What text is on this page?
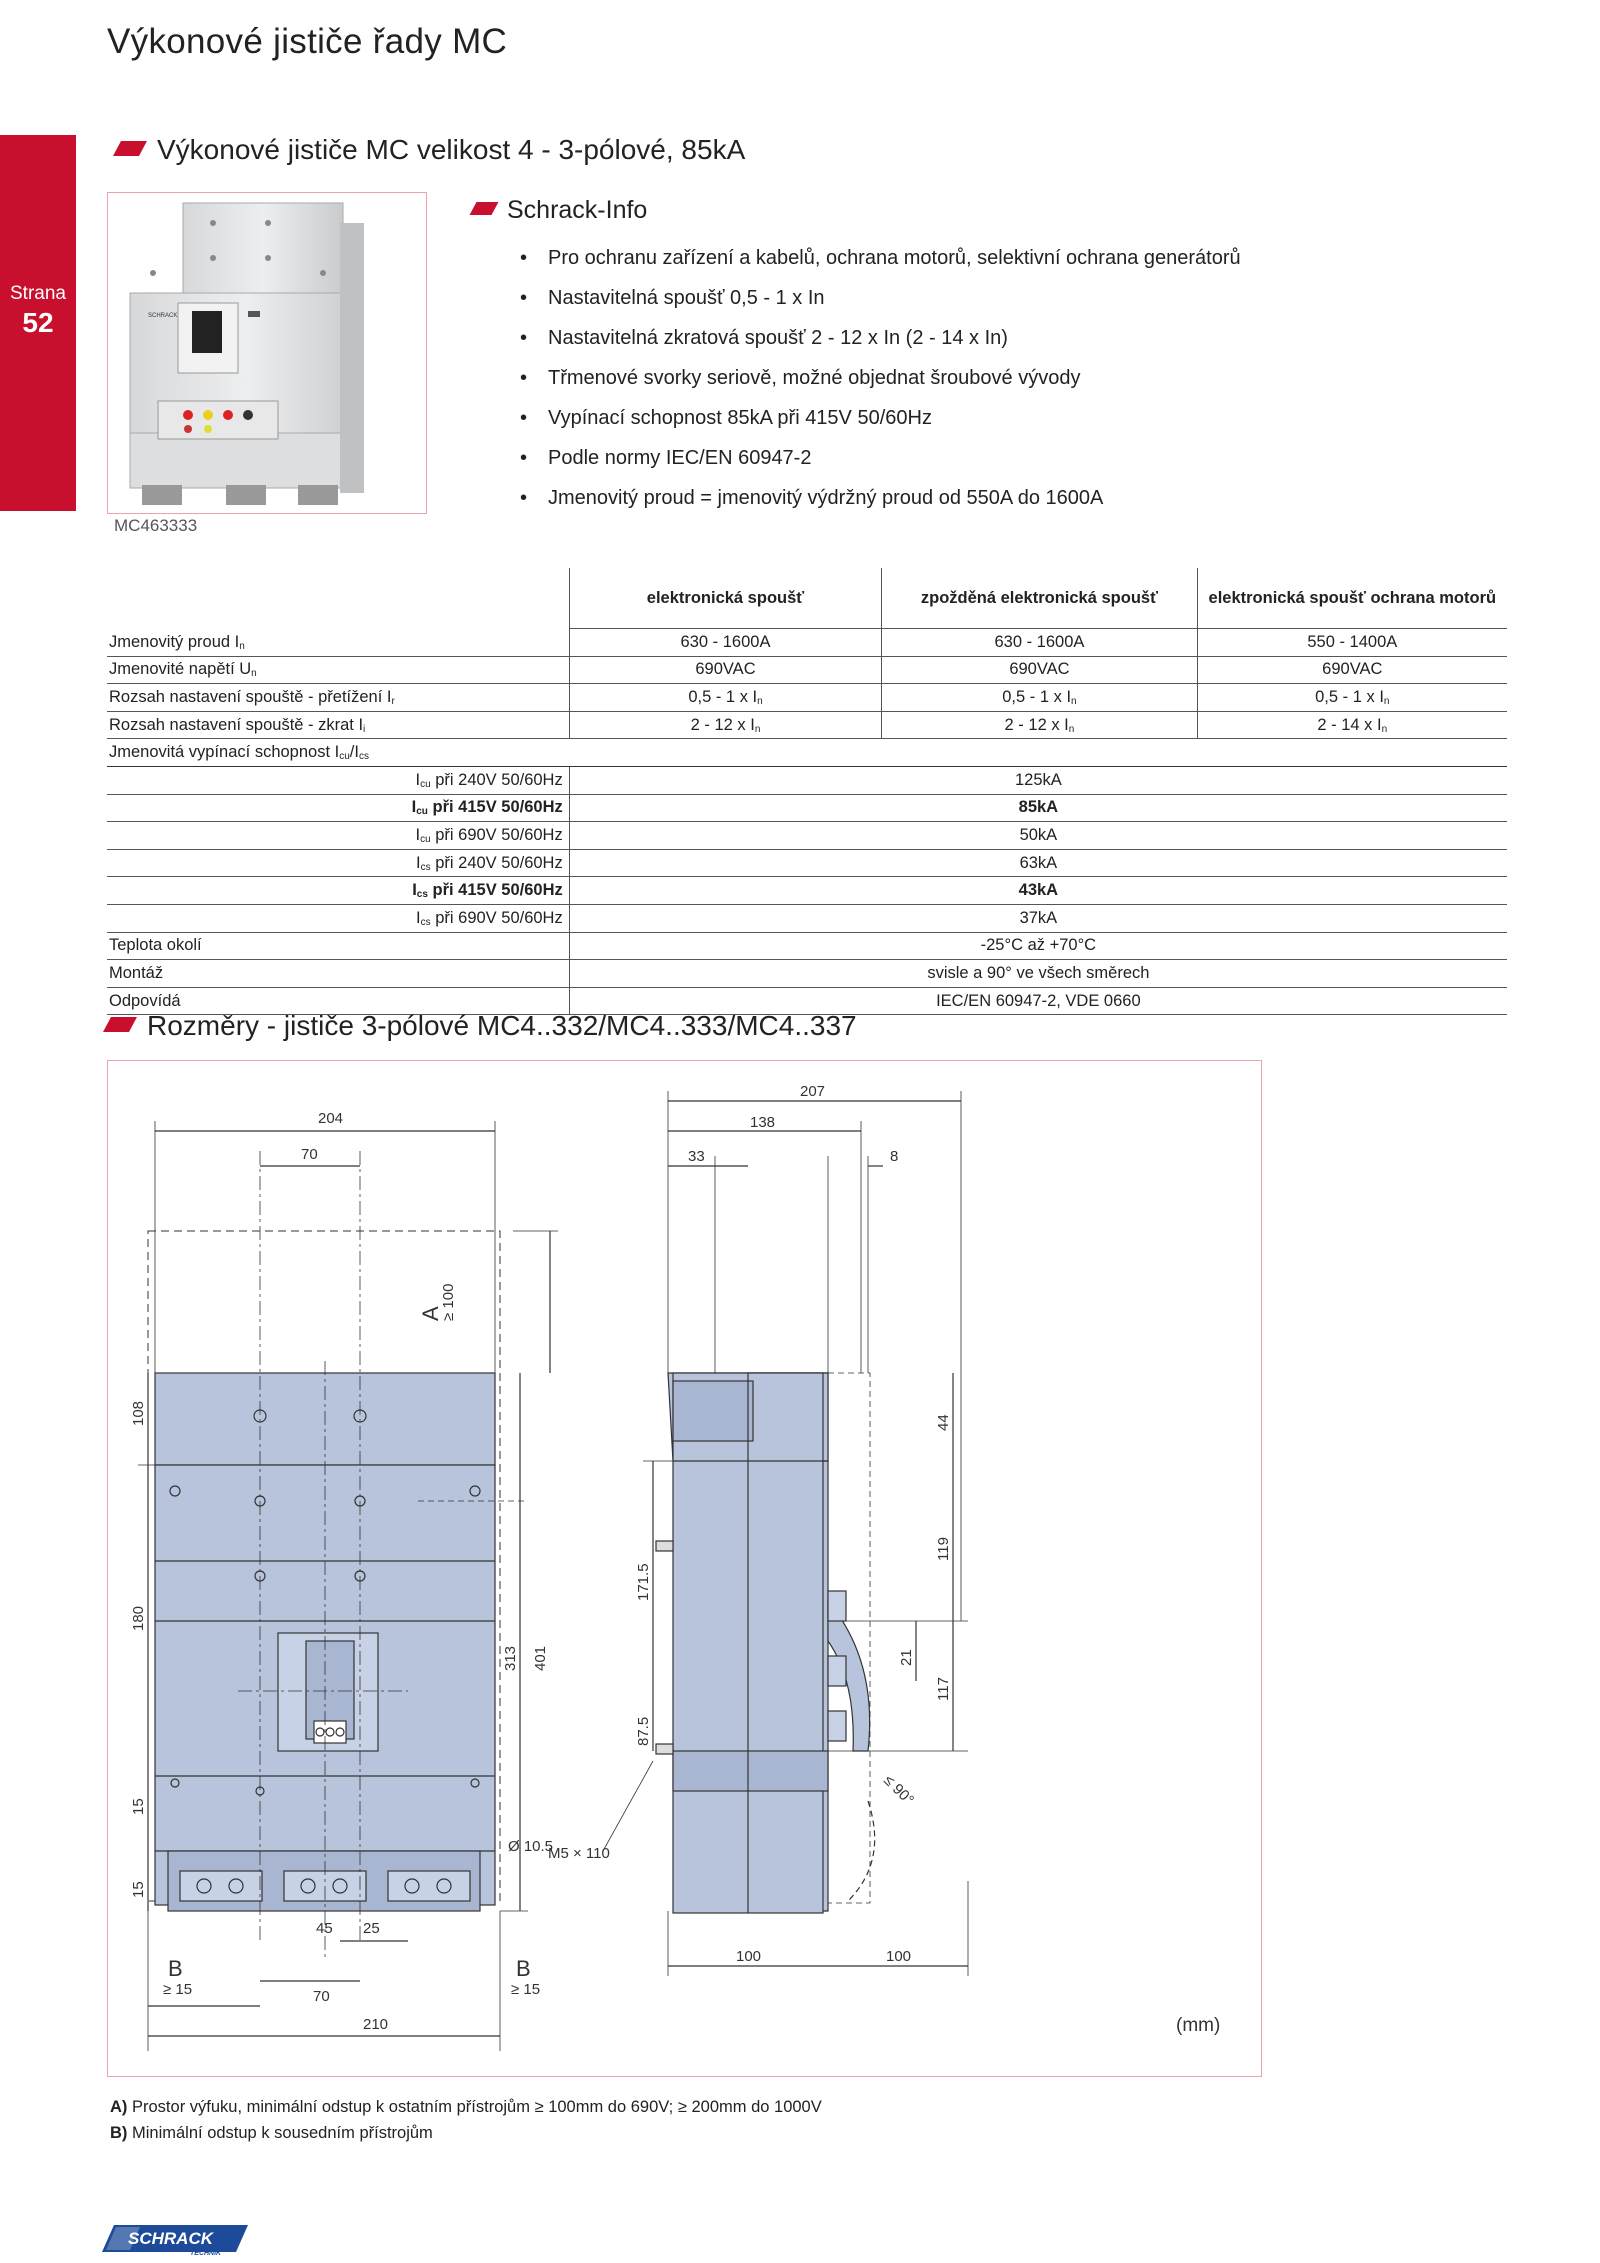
Výkonové jističe řady MC
Strana
52
Výkonové jističe MC velikost 4 - 3-pólové, 85kA
SCHRACK
MC463333
Schrack-Info
• Pro ochranu zařízení a kabelů, ochrana motorů, selektivní ochrana generátorů
• Nastavitelná spoušť 0,5 - 1 x In
• Nastavitelná zkratová spoušť 2 - 12 x In (2 - 14 x In)
• Třmenové svorky seriově, možné objednat šroubové vývody
• Vypínací schopnost 85kA při 415V 50/60Hz
• Podle normy IEC/EN 60947-2
• Jmenovitý proud = jmenovitý výdržný proud od 550A do 1600A
	elektronická spoušť	zpožděná elektronická spoušť	elektronická spoušť ochrana motorů
Jmenovitý proud $I_n$	630 - 1600A	630 - 1600A	550 - 1400A
Jmenovité napětí $U_n$	690VAC	690VAC	690VAC
Rozsah nastavení spouště - přetížení $I_r$	0,5 - 1 x $I_n$	0,5 - 1 x $I_n$	0,5 - 1 x $I_n$
Rozsah nastavení spouště - zkrat $I_i$	2 - 12 x $I_n$	2 - 12 x $I_n$	2 - 14 x $I_n$
Jmenovitá vypínací schopnost $I_{cu}/I_{cs}$
$I_{cu}$ při 240V 50/60Hz	125kA		
$I_{cu}$ při 415V 50/60Hz	85kA		
$I_{cu}$ při 690V 50/60Hz	50kA		
$I_{cs}$ při 240V 50/60Hz	63kA		
$I_{cs}$ při 415V 50/60Hz	43kA		
$I_{cs}$ při 690V 50/60Hz	37kA		
Teplota okolí	-25°C až +70°C		
Montáž	svisle a 90° ve všech směrech		
Odpovídá	IEC/EN 60947-2, VDE 0660		
Rozměry - jističe 3-pólové MC4..332/MC4..333/MC4..337
204
70
A
≥ 100
108
180
15
15
313 401
Ø 10.5
25
45
70
210
B
≥ 15
B
≥ 15
207
138
33	8
44
119
171.5
87.5
21
117
≤ 90°
M5 × 110
100	100
(mm)
A) Prostor výfuku, minimální odstup k ostatním přístrojům ≥ 100mm do 690V; ≥ 200mm do 1000V
B) Minimální odstup k sousedním přístrojům
SCHRACK
TECHNIK
